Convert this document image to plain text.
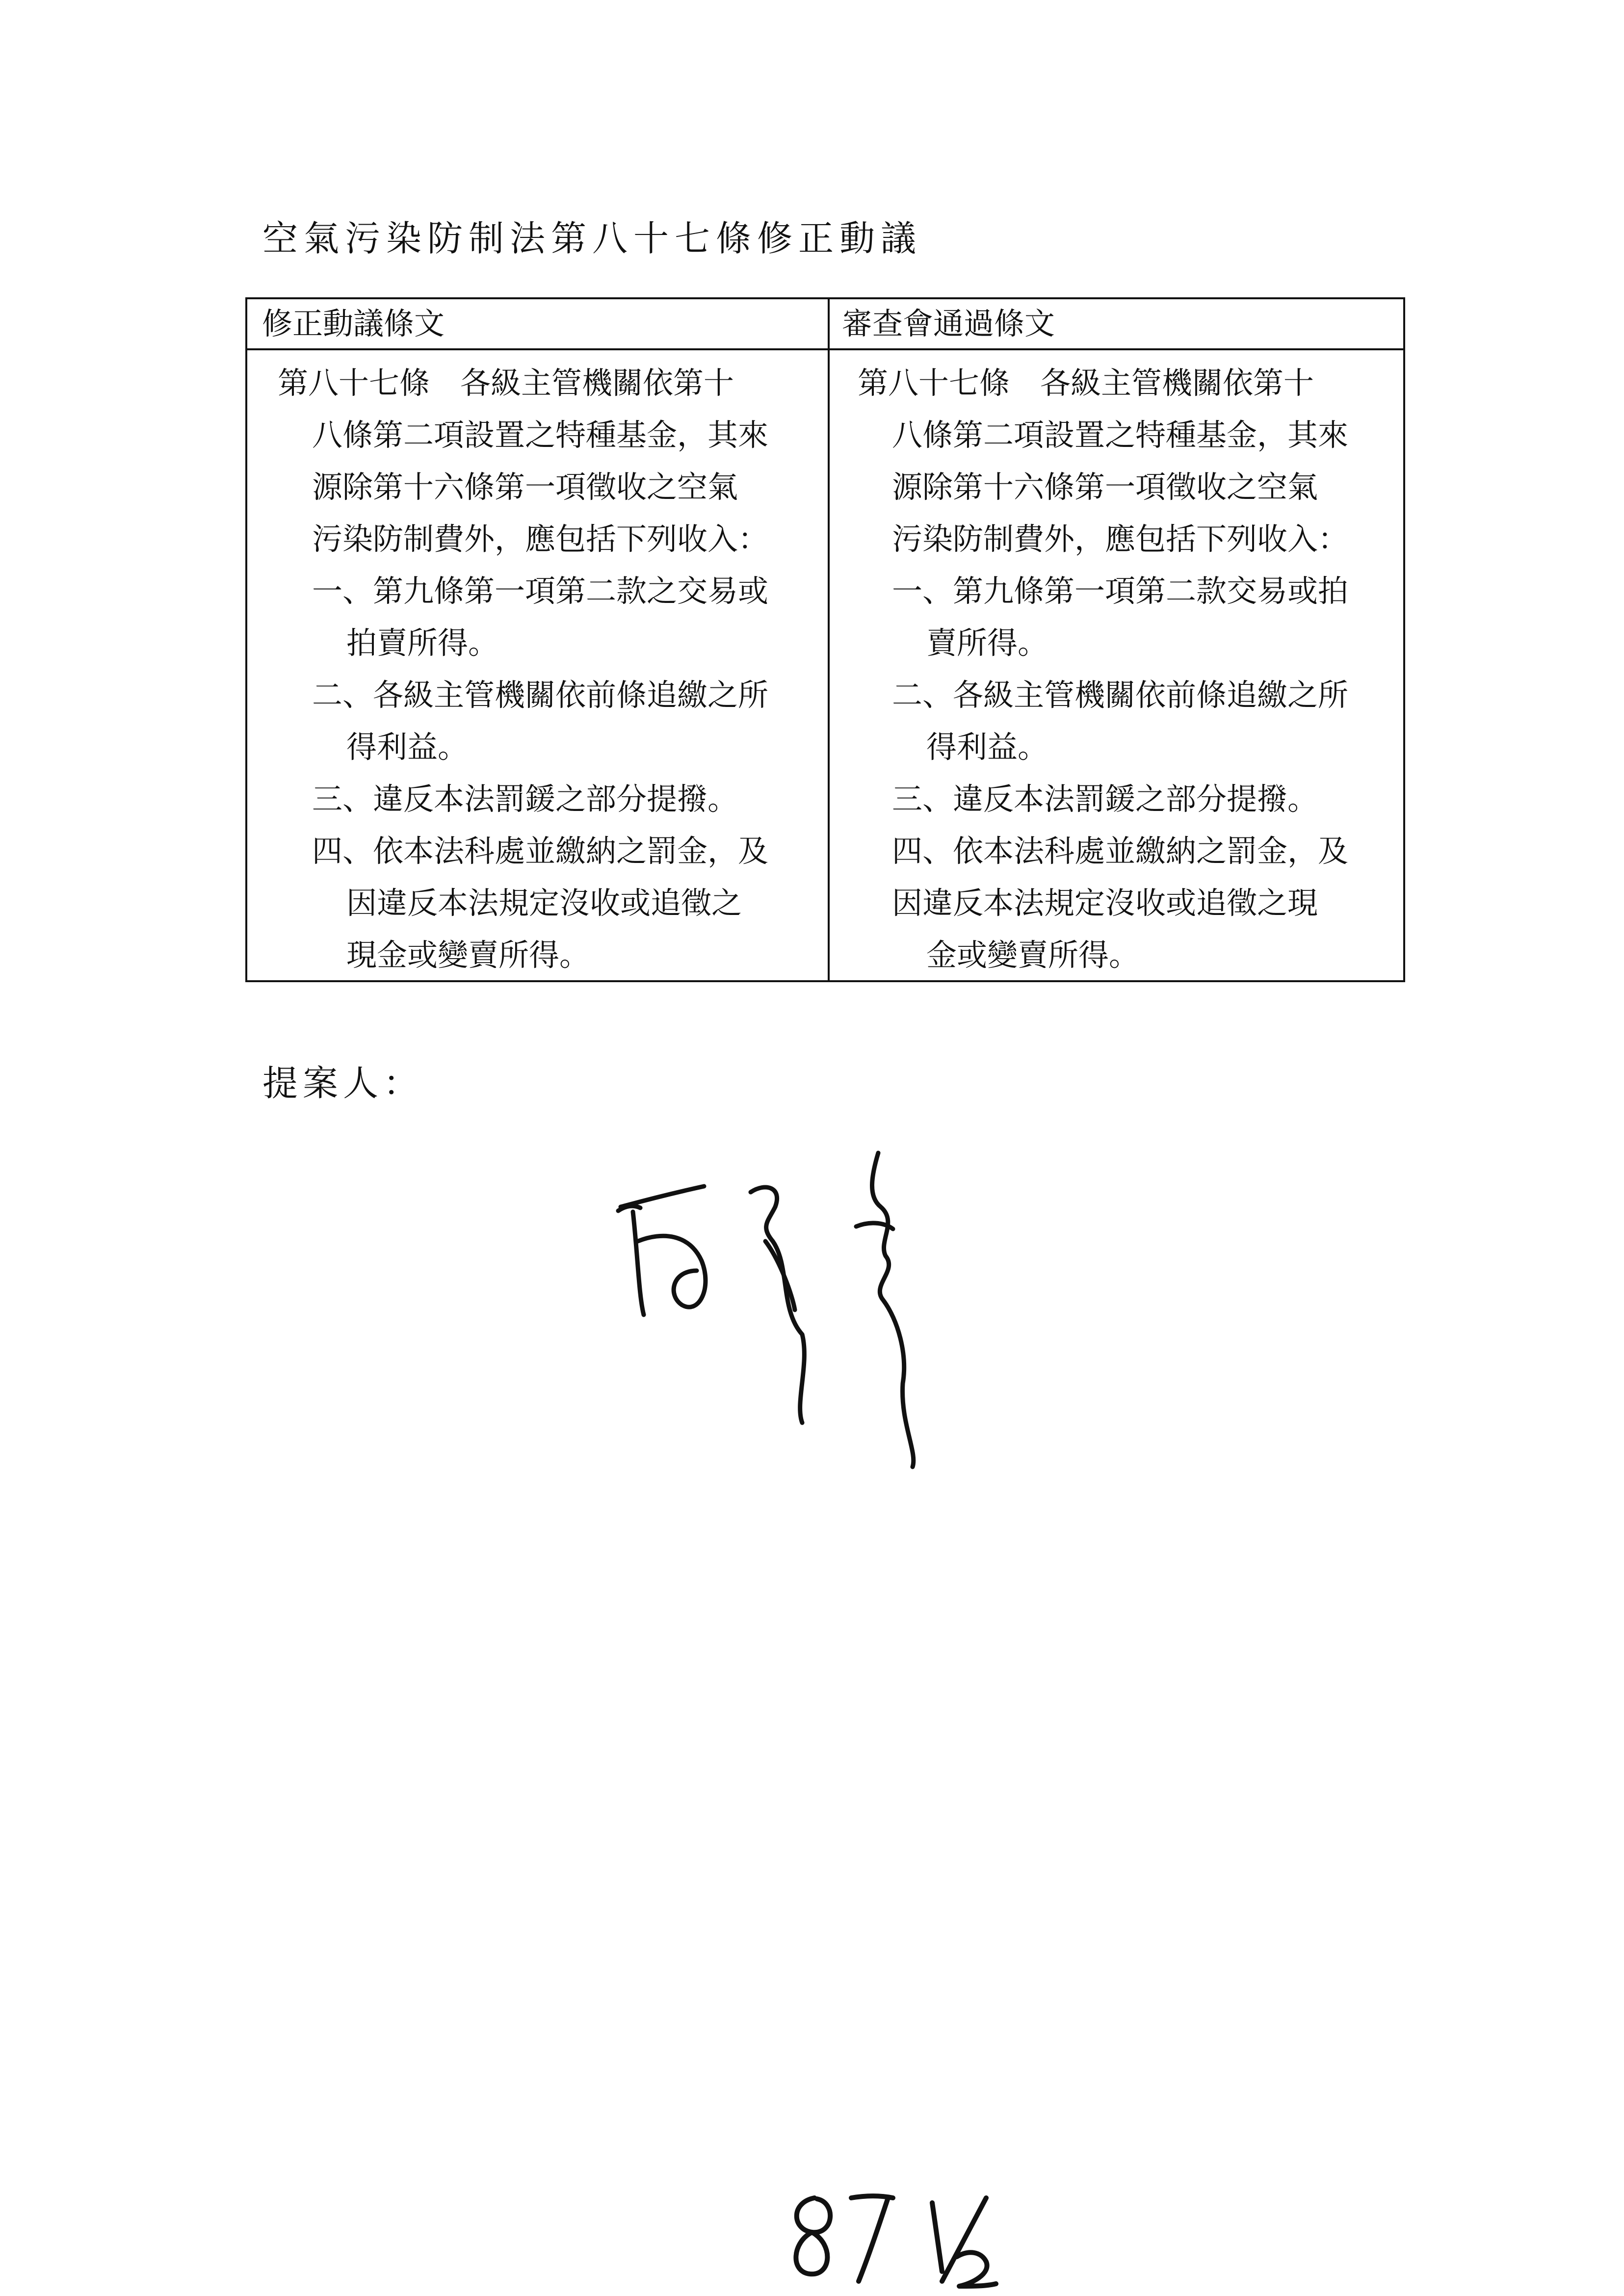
空氣污染防制法第八十七條修正動議
修正動議條文	審查會通過條文
第八十七條　各級主管機關依第十
八條第二項設置之特種基金，其來
源除第十六條第一項徵收之空氣
污染防制費外，應包括下列收入：
一、第九條第一項第二款之交易或
拍賣所得。
二、各級主管機關依前條追繳之所
得利益。
三、違反本法罰鍰之部分提撥。
四、依本法科處並繳納之罰金，及
因違反本法規定沒收或追徵之
現金或變賣所得。
第八十七條　各級主管機關依第十
八條第二項設置之特種基金，其來
源除第十六條第一項徵收之空氣
污染防制費外，應包括下列收入：
一、第九條第一項第二款交易或拍
賣所得。
二、各級主管機關依前條追繳之所
得利益。
三、違反本法罰鍰之部分提撥。
四、依本法科處並繳納之罰金，及
因違反本法規定沒收或追徵之現
金或變賣所得。
提案人：
